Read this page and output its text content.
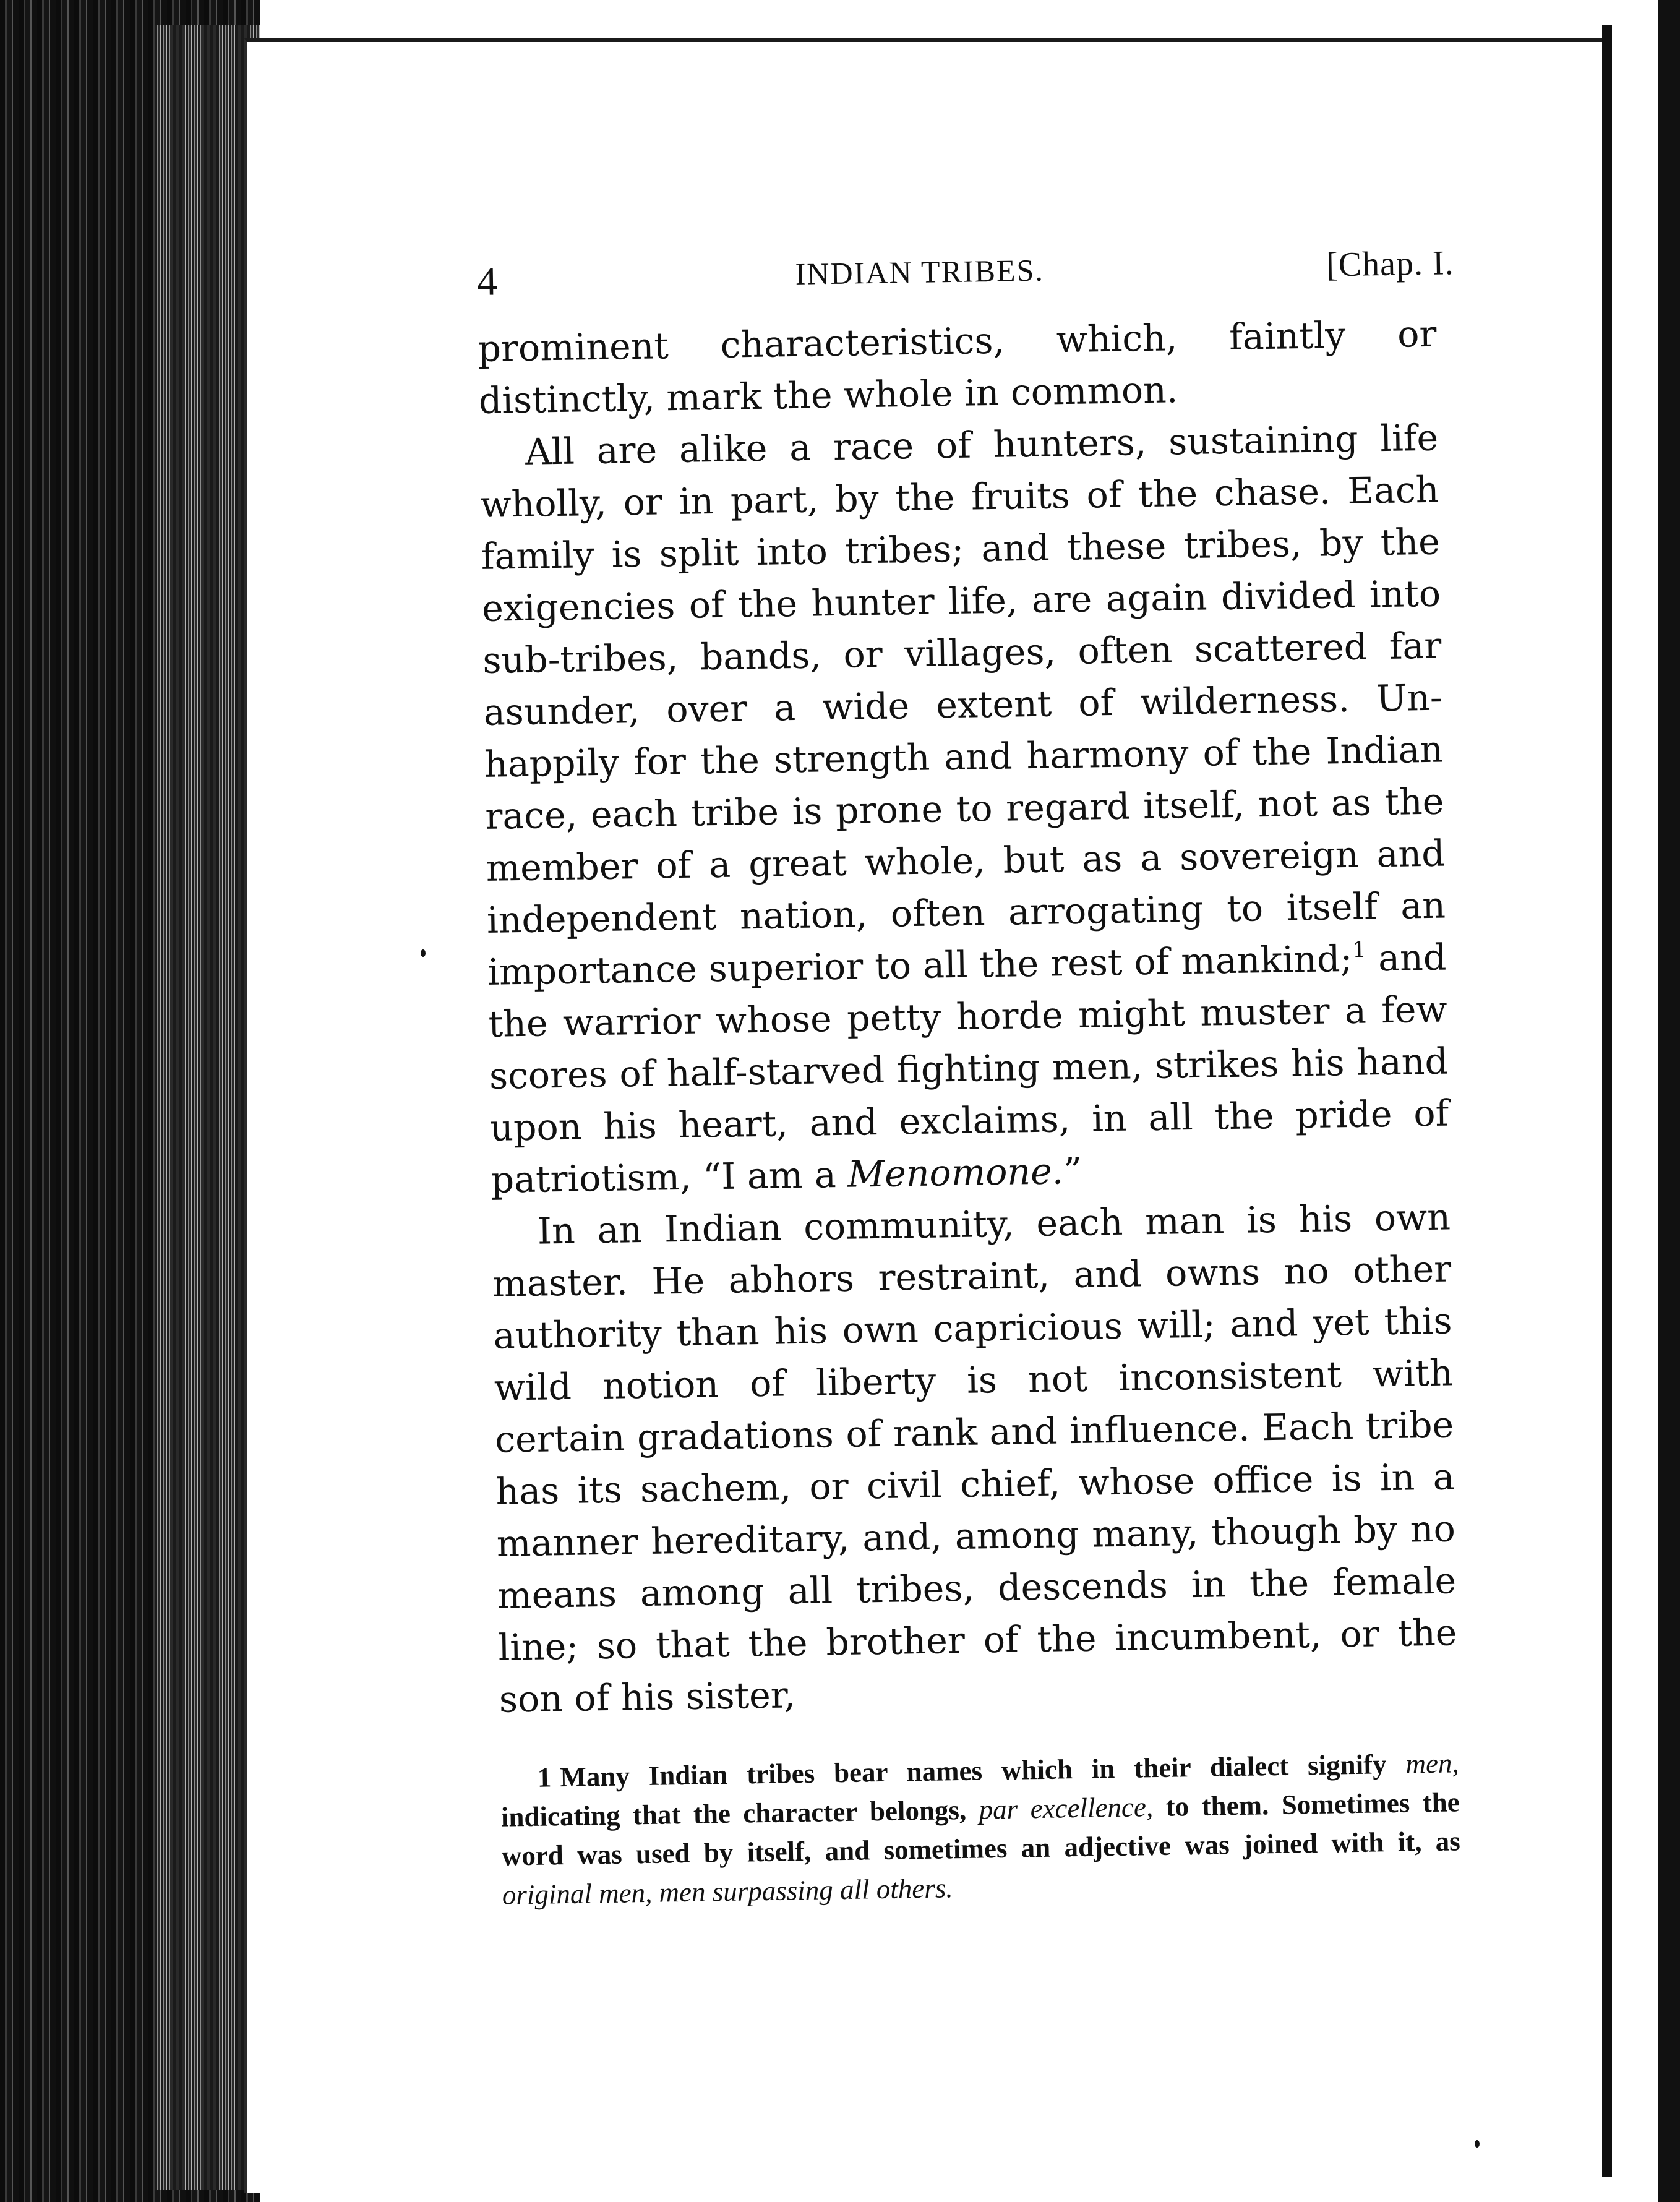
4	INDIAN TRIBES.	[Chap. I.

prominent characteristics, which, faintly or distinctly, mark the whole in common.

All are alike a race of hunters, sustaining life wholly, or in part, by the fruits of the chase. Each family is split into tribes; and these tribes, by the exigencies of the hunter life, are again divided into sub-tribes, bands, or villages, often scattered far asunder, over a wide extent of wilderness. Unhappily for the strength and harmony of the Indian race, each tribe is prone to regard itself, not as the member of a great whole, but as a sovereign and independent nation, often arrogating to itself an importance superior to all the rest of mankind;$^1$ and the warrior whose petty horde might muster a few scores of half-starved fighting men, strikes his hand upon his heart, and exclaims, in all the pride of patriotism, “I am a Menomone.”

In an Indian community, each man is his own master. He abhors restraint, and owns no other authority than his own capricious will; and yet this wild notion of liberty is not inconsistent with certain gradations of rank and influence. Each tribe has its sachem, or civil chief, whose office is in a manner hereditary, and, among many, though by no means among all tribes, descends in the female line; so that the brother of the incumbent, or the son of his sister,

1 Many Indian tribes bear names which in their dialect signify men, indicating that the character belongs, par excellence, to them. Sometimes the word was used by itself, and sometimes an adjective was joined with it, as original men, men surpassing all others.
